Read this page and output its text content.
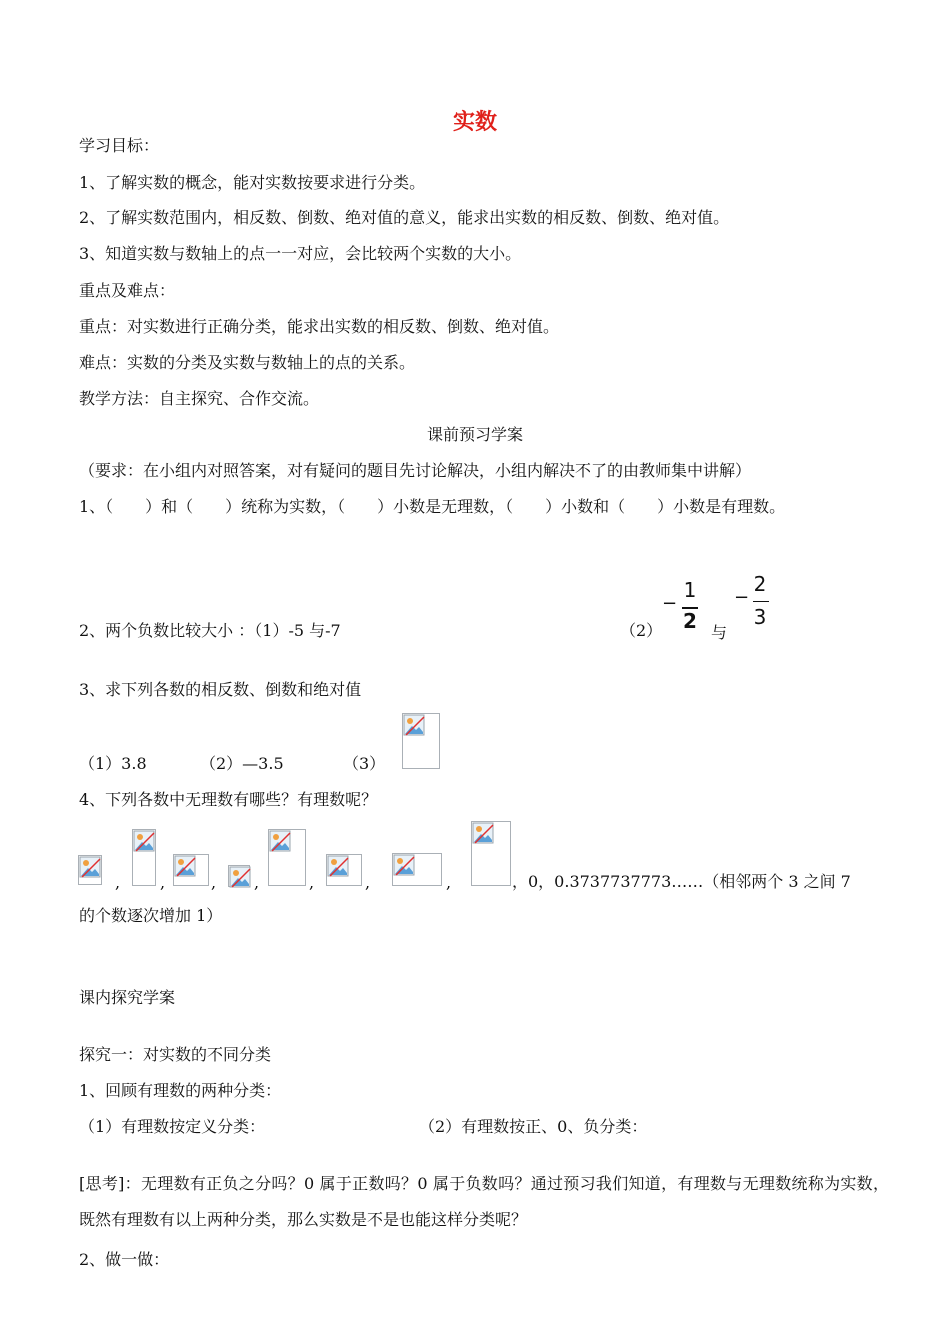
实数
学习目标：
1、了解实数的概念，能对实数按要求进行分类。
2、了解实数范围内，相反数、倒数、绝对值的意义，能求出实数的相反数、倒数、绝对值。
3、知道实数与数轴上的点一一对应，会比较两个实数的大小。
重点及难点：
重点：对实数进行正确分类，能求出实数的相反数、倒数、绝对值。
难点：实数的分类及实数与数轴上的点的关系。
教学方法：自主探究、合作交流。
课前预习学案
（要求：在小组内对照答案，对有疑问的题目先讨论解决，小组内解决不了的由教师集中讲解）
1、（　　）和（　　）统称为实数，（　　）小数是无理数，（　　）小数和（　　）小数是有理数。
2、两个负数比较大小 ：（1）-5 与-7	（2）
−
1
2 与
−
2
3
3、求下列各数的相反数、倒数和绝对值
（1）3.8	（2）—3.5	（3）
4、下列各数中无理数有哪些？有理数呢？
, ,	, ,	,	,	,	，0，0.3737737773……（相邻两个 3 之间 7
的个数逐次增加 1）
课内探究学案
探究一：对实数的不同分类
1、回顾有理数的两种分类：
（1）有理数按定义分类：	（2）有理数按正、0、负分类：
[思考]：无理数有正负之分吗？0 属于正数吗？0 属于负数吗？通过预习我们知道，有理数与无理数统称为实数，既然有理数有以上两种分类，那么实数是不是也能这样分类呢？
2、做一做：
